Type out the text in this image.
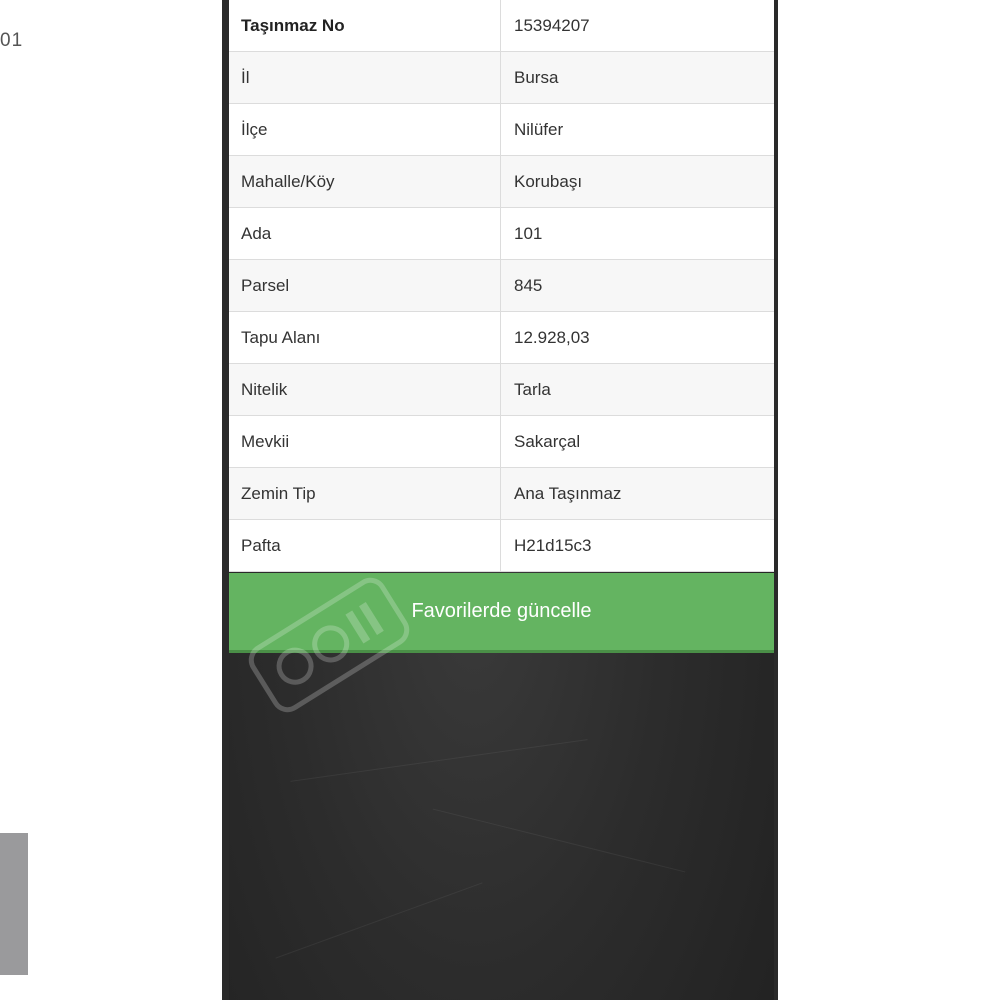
01
Taşınmaz No	15394207
İl	Bursa
İlçe	Nilüfer
Mahalle/Köy	Korubaşı
Ada	101
Parsel	845
Tapu Alanı	12.928,03
Nitelik	Tarla
Mevkii	Sakarçal
Zemin Tip	Ana Taşınmaz
Pafta	H21d15c3
Favorilerde güncelle
